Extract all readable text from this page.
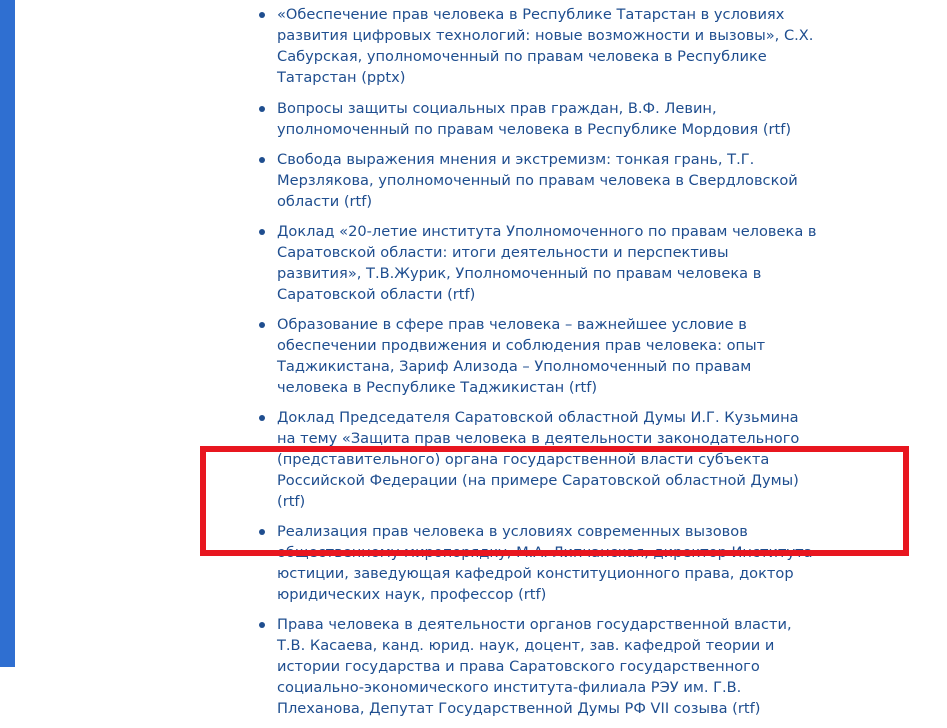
«Обеспечение прав человека в Республике Татарстан в условиях развития цифровых технологий: новые возможности и вызовы», С.Х. Сабурская, уполномоченный по правам человека в Республике Татарстан (pptx)
Вопросы защиты социальных прав граждан, В.Ф. Левин, уполномоченный по правам человека в Республике Мордовия (rtf)
Свобода выражения мнения и экстремизм: тонкая грань, Т.Г. Мерзлякова, уполномоченный по правам человека в Свердловской области (rtf)
Доклад «20-летие института Уполномоченного по правам человека в Саратовской области: итоги деятельности и перспективы развития», Т.В.Журик, Уполномоченный по правам человека в Саратовской области (rtf)
Образование в сфере прав человека – важнейшее условие в обеспечении продвижения и соблюдения прав человека: опыт Таджикистана, Зариф Ализода – Уполномоченный по правам человека в Республике Таджикистан (rtf)
Доклад Председателя Саратовской областной Думы И.Г. Кузьмина на тему «Защита прав человека в деятельности законодательного (представительного) органа государственной власти субъекта Российской Федерации (на примере Саратовской областной Думы) (rtf)
Реализация прав человека в условиях современных вызовов общественному миропорядку, М.А. Липчанская, директор Института юстиции, заведующая кафедрой конституционного права, доктор юридических наук, профессор (rtf)
Права человека в деятельности органов государственной власти, Т.В. Касаева, канд. юрид. наук, доцент, зав. кафедрой теории и истории государства и права Саратовского государственного социально-экономического института-филиала РЭУ им. Г.В. Плеханова, Депутат Государственной Думы РФ VII созыва (rtf)
